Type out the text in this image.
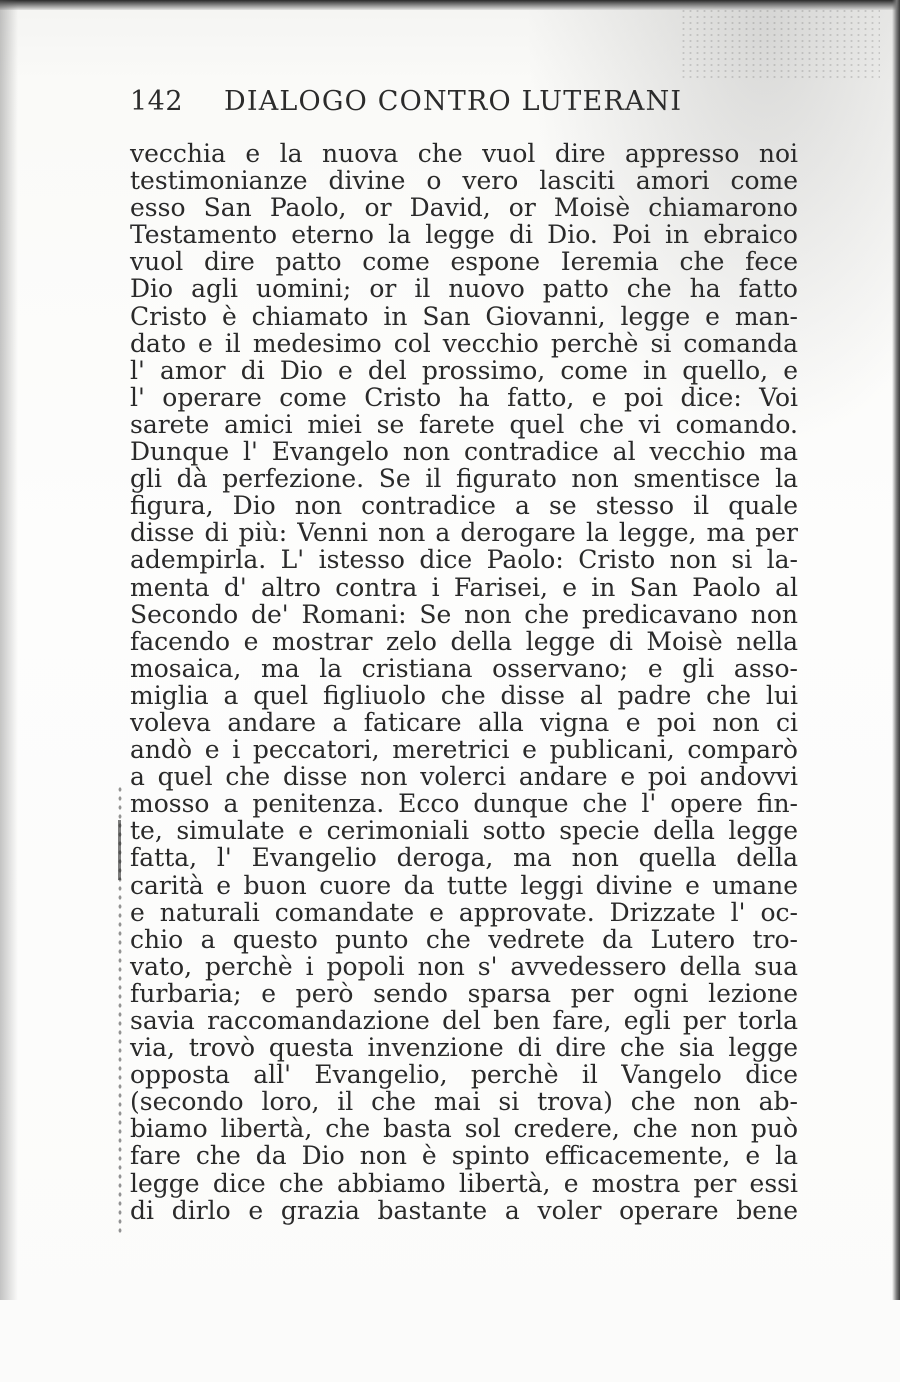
142 DIALOGO CONTRO LUTERANI
vecchia e la nuova che vuol dire appresso noi
testimonianze divine o vero lasciti amori come
esso San Paolo, or David, or Moisè chiamarono
Testamento eterno la legge di Dio. Poi in ebraico
vuol dire patto come espone Ieremia che fece
Dio agli uomini; or il nuovo patto che ha fatto
Cristo è chiamato in San Giovanni, legge e man-
dato e il medesimo col vecchio perchè si comanda
l' amor di Dio e del prossimo, come in quello, e
l' operare come Cristo ha fatto, e poi dice: Voi
sarete amici miei se farete quel che vi comando.
Dunque l' Evangelo non contradice al vecchio ma
gli dà perfezione. Se il figurato non smentisce la
figura, Dio non contradice a se stesso il quale
disse di più: Venni non a derogare la legge, ma per
adempirla. L' istesso dice Paolo: Cristo non si la-
menta d' altro contra i Farisei, e in San Paolo al
Secondo de' Romani: Se non che predicavano non
facendo e mostrar zelo della legge di Moisè nella
mosaica, ma la cristiana osservano; e gli asso-
miglia a quel figliuolo che disse al padre che lui
voleva andare a faticare alla vigna e poi non ci
andò e i peccatori, meretrici e publicani, comparò
a quel che disse non volerci andare e poi andovvi
mosso a penitenza. Ecco dunque che l' opere fin-
te, simulate e cerimoniali sotto specie della legge
fatta, l' Evangelio deroga, ma non quella della
carità e buon cuore da tutte leggi divine e umane
e naturali comandate e approvate. Drizzate l' oc-
chio a questo punto che vedrete da Lutero tro-
vato, perchè i popoli non s' avvedessero della sua
furbaria; e però sendo sparsa per ogni lezione
savia raccomandazione del ben fare, egli per torla
via, trovò questa invenzione di dire che sia legge
opposta all' Evangelio, perchè il Vangelo dice
(secondo loro, il che mai si trova) che non ab-
biamo libertà, che basta sol credere, che non può
fare che da Dio non è spinto efficacemente, e la
legge dice che abbiamo libertà, e mostra per essi
di dirlo e grazia bastante a voler operare bene
